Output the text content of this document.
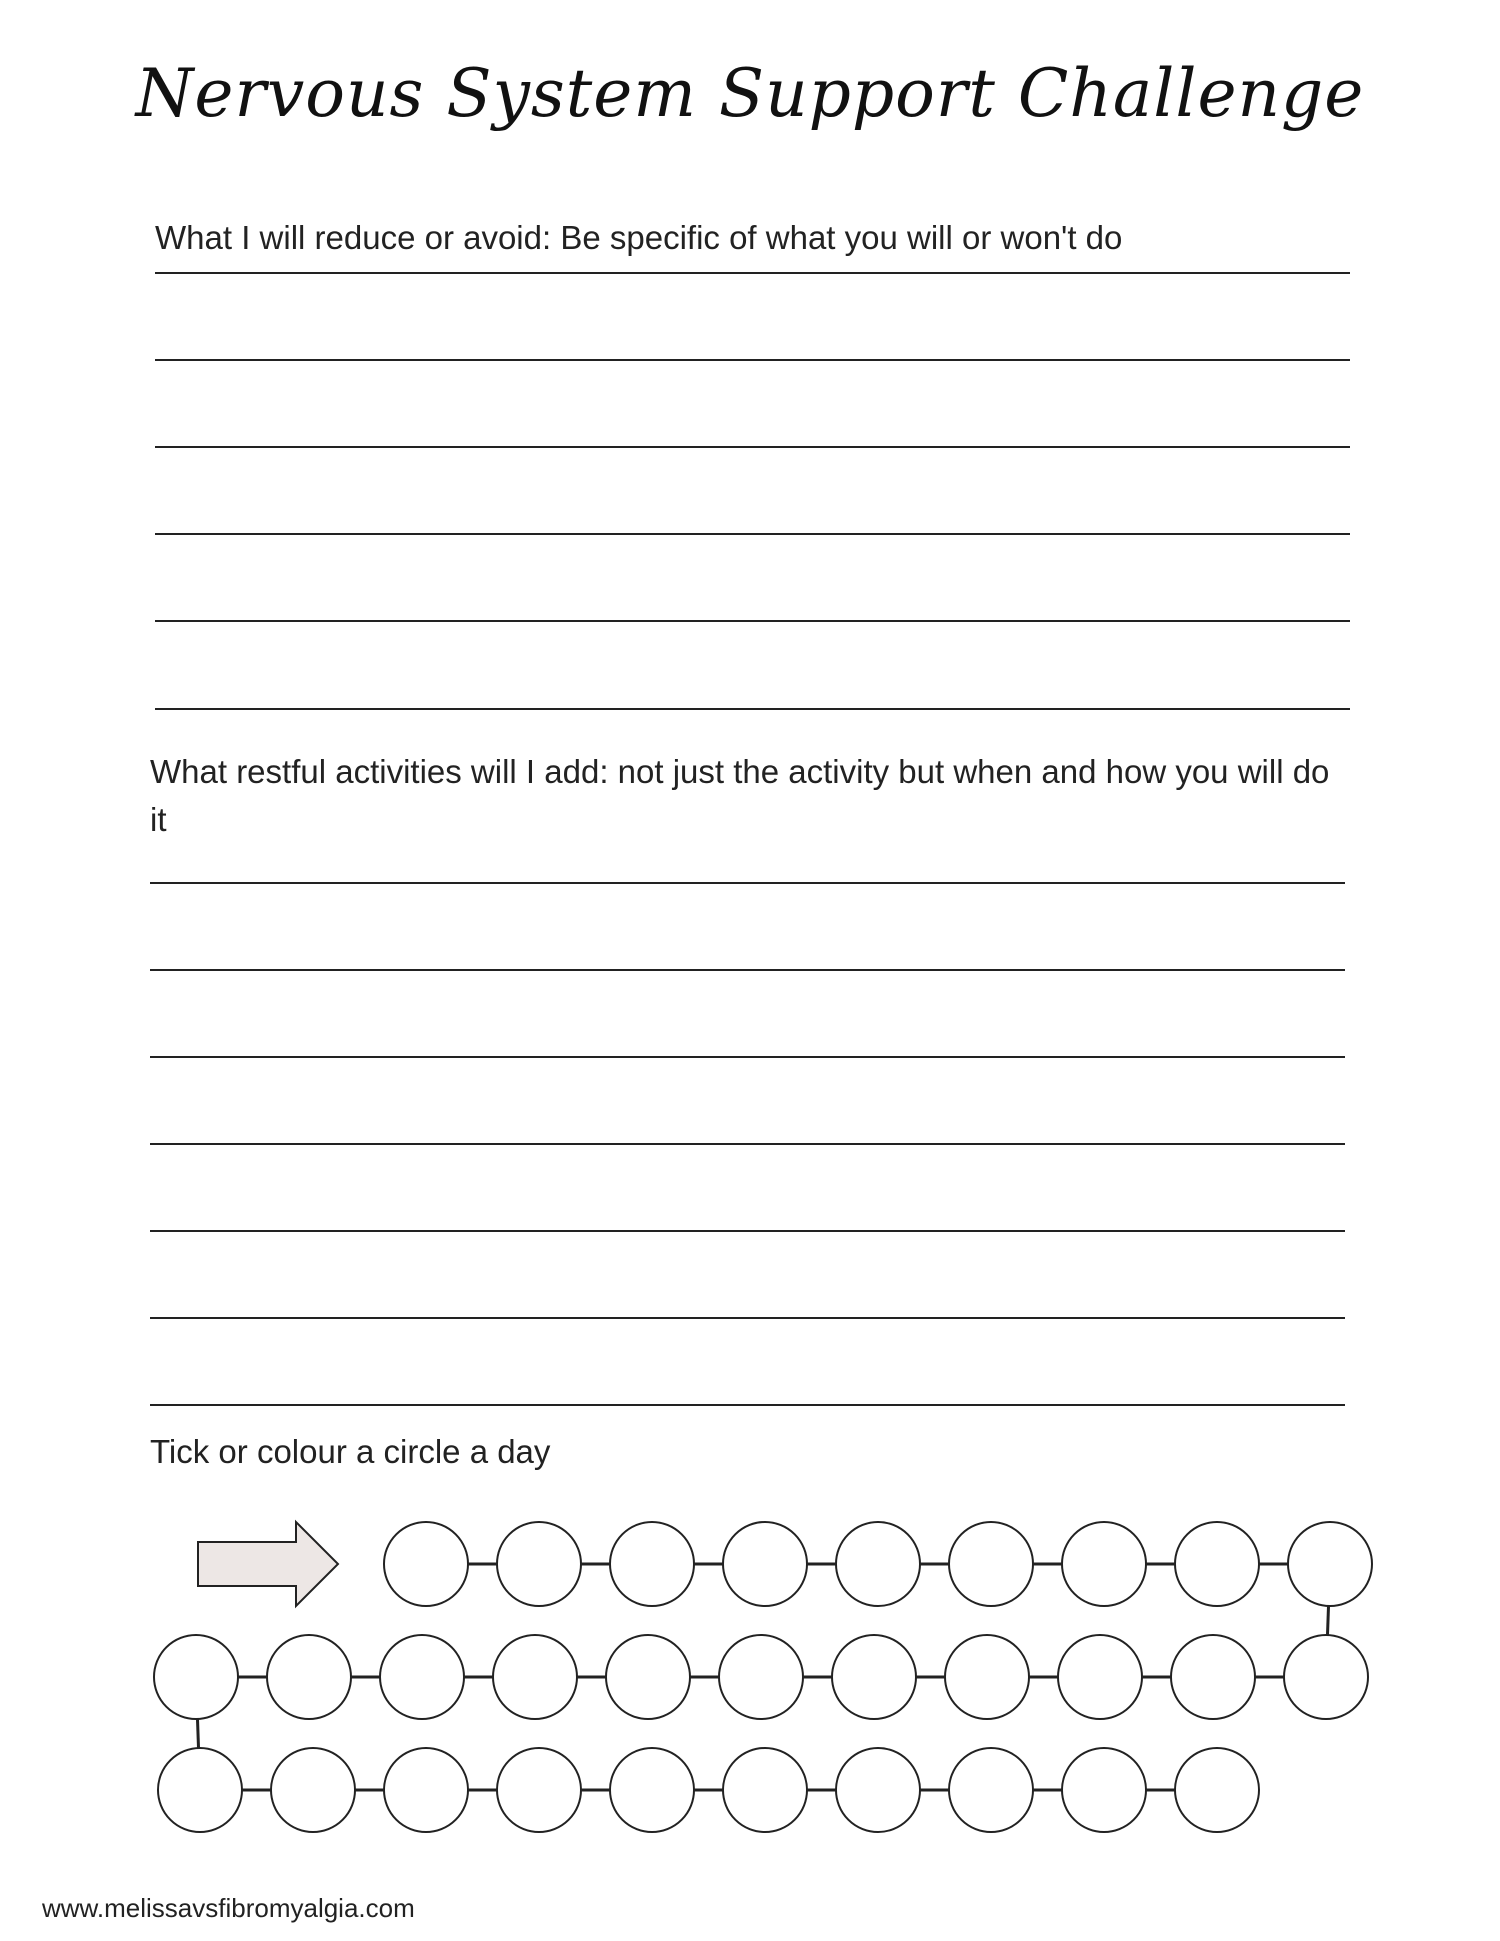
Nervous System Support Challenge
What I will reduce or avoid: Be specific of what you will or won't do
What restful activities will I add: not just the activity but when and how you will do it
Tick or colour a circle a day
www.melissavsfibromyalgia.com
